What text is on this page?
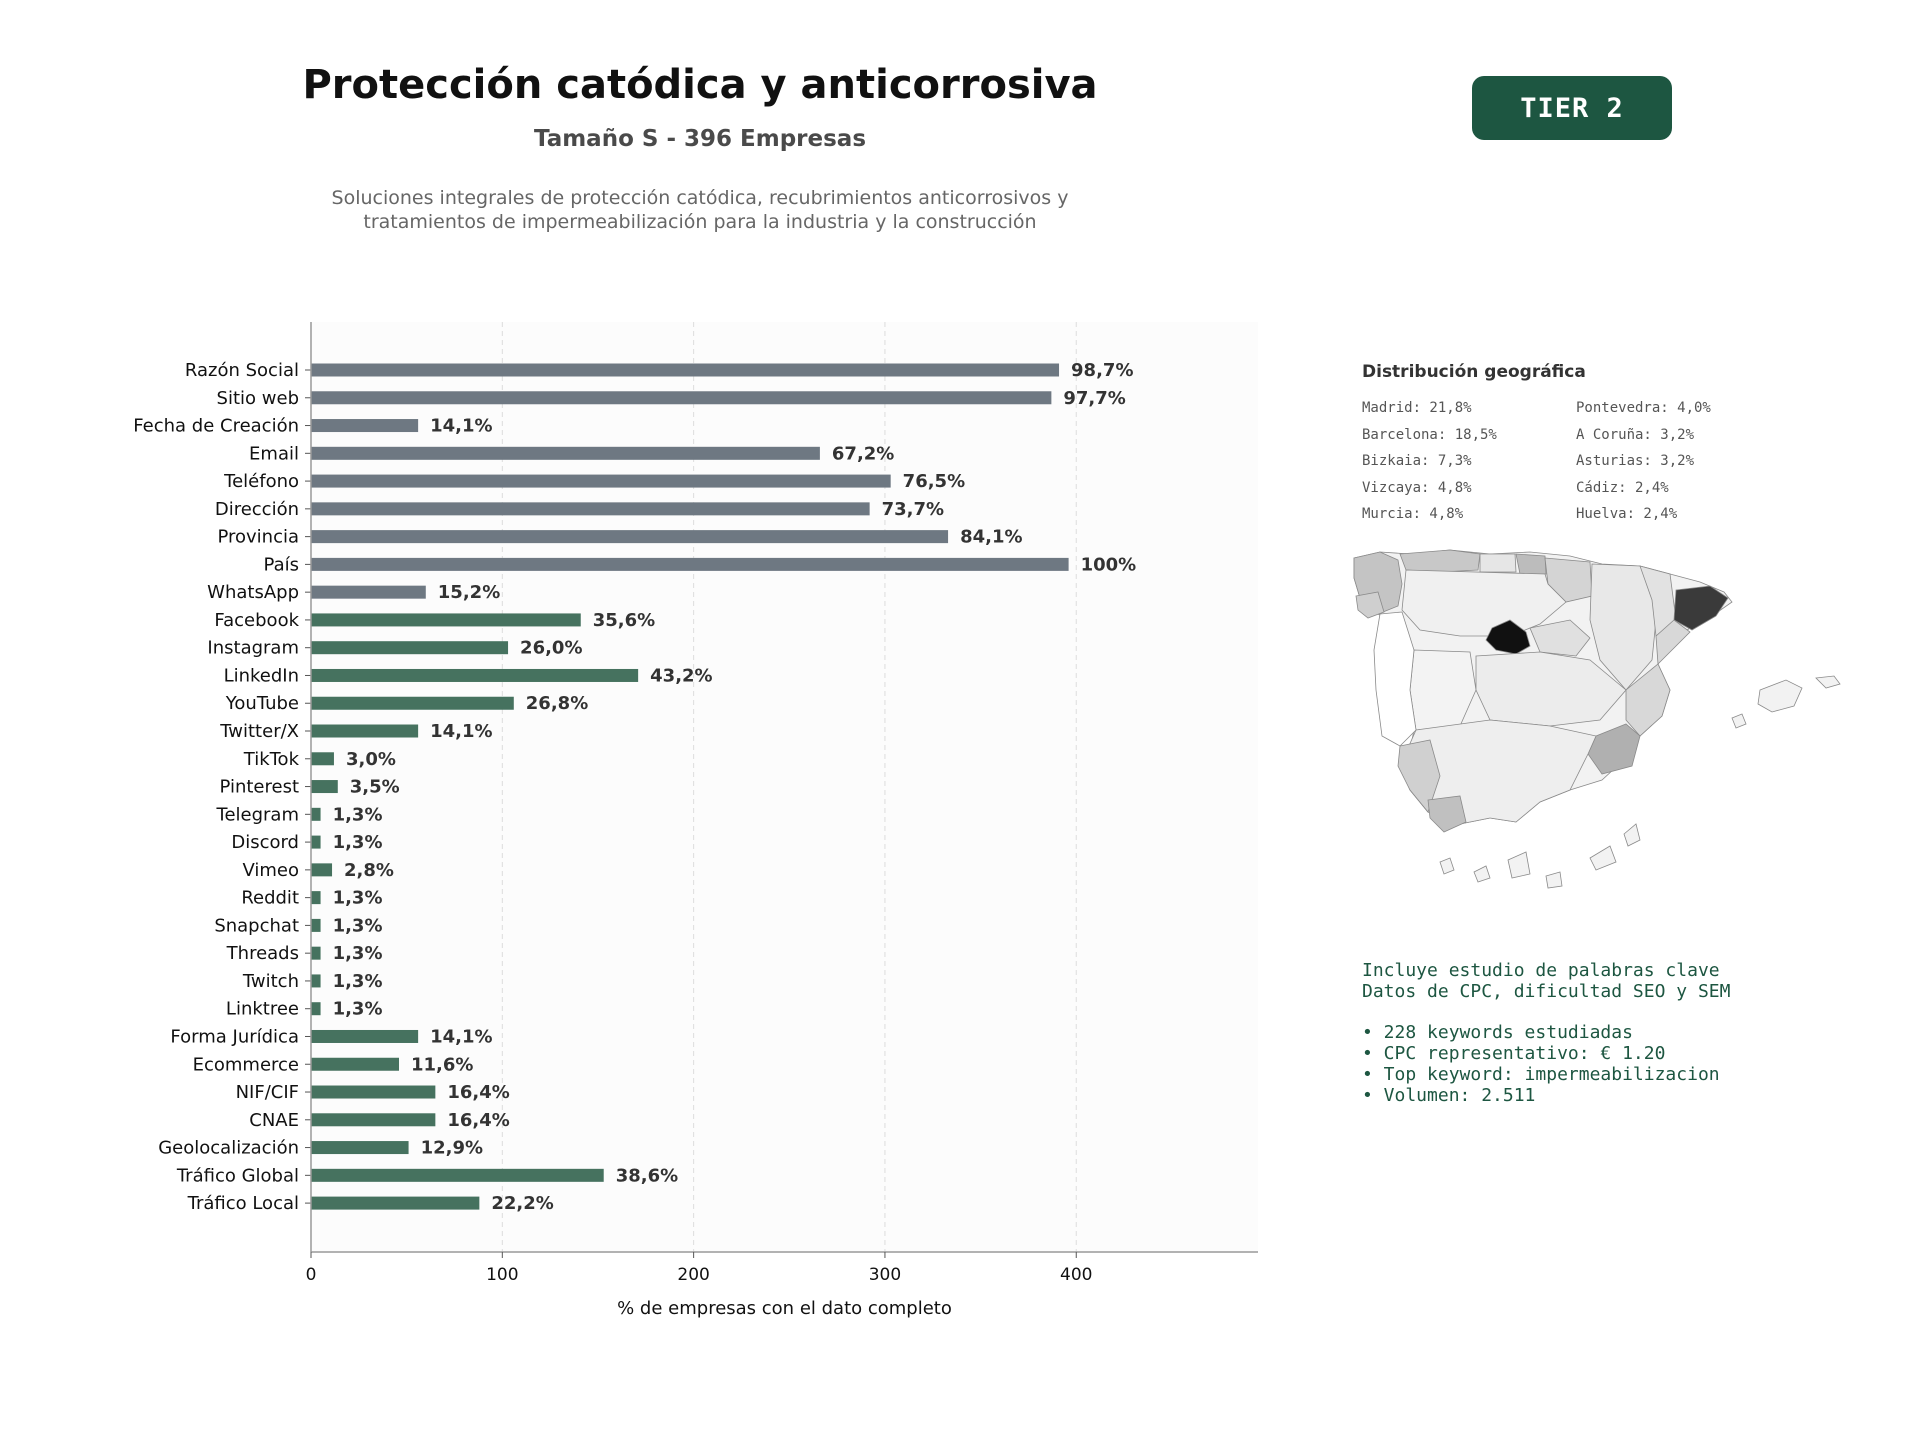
Protección catódica y anticorrosiva
Tamaño S - 396 Empresas
Soluciones integrales de protección catódica, recubrimientos anticorrosivos y tratamientos de impermeabilización para la industria y la construcción
TIER 2
Razón Social	98,7%
Sitio web	97,7%
Fecha de Creación	14,1%
Email	67,2%
Teléfono	76,5%
Dirección	73,7%
Provincia	84,1%
País	100%
WhatsApp	15,2%
Facebook	35,6%
Instagram	26,0%
LinkedIn	43,2%
YouTube	26,8%
Twitter/X	14,1%
TikTok	3,0%
Pinterest	3,5%
Telegram 1,3%
Discord 1,3%
Vimeo	2,8%
Reddit 1,3%
Snapchat 1,3%
Threads 1,3%
Twitch 1,3%
Linktree 1,3%
Forma Jurídica	14,1%
Ecommerce	11,6%
NIF/CIF	16,4%
CNAE	16,4%
Geolocalización	12,9%
Tráfico Global	38,6%
Tráfico Local	22,2%
0	100	200	300	400
% de empresas con el dato completo
Distribución geográfica
Madrid: 21,8%	Pontevedra: 4,0%
Barcelona: 18,5%	A Coruña: 3,2%
Bizkaia: 7,3%	Asturias: 3,2%
Vizcaya: 4,8%	Cádiz: 2,4%
Murcia: 4,8%	Huelva: 2,4%
Incluye estudio de palabras clave
Datos de CPC, dificultad SEO y SEM
• 228 keywords estudiadas
• CPC representativo: € 1.20
• Top keyword: impermeabilizacion
• Volumen: 2.511
